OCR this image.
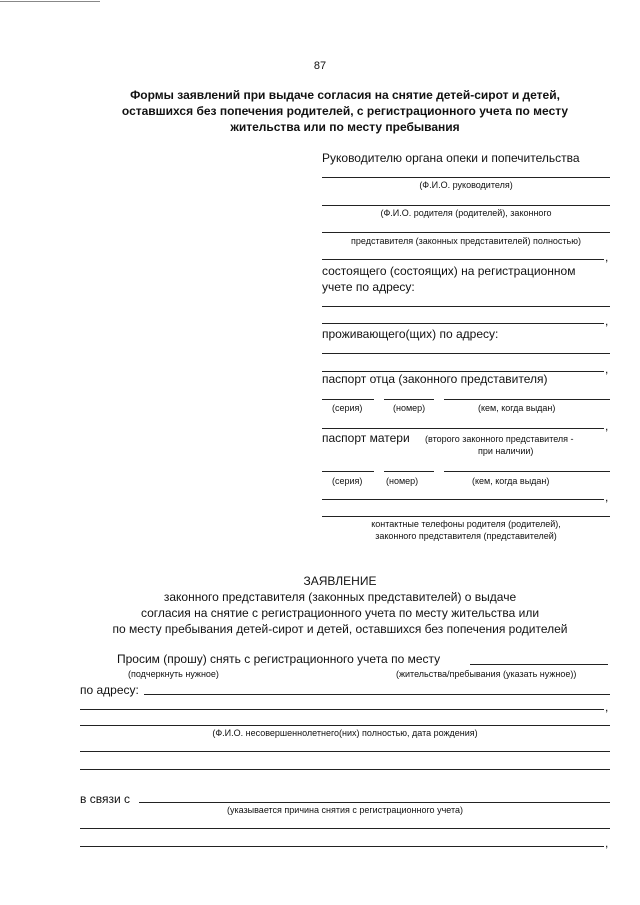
87
Формы заявлений при выдаче согласия на снятие детей-сирот и детей,
оставшихся без попечения родителей, с регистрационного учета по месту
жительства или по месту пребывания
Руководителю органа опеки и попечительства
(Ф.И.О. руководителя)
(Ф.И.О. родителя (родителей), законного
представителя (законных представителей) полностью)
,
состоящего (состоящих) на регистрационном
учете по адресу:
,
проживающего(щих) по адресу:
,
паспорт отца (законного представителя)
(серия)	(номер)	(кем, когда выдан)
,
паспорт матери (второго законного представителя -
при наличии)
(серия)	(номер)	(кем, когда выдан)
,
контактные телефоны родителя (родителей),
законного представителя (представителей)
ЗАЯВЛЕНИЕ
законного представителя (законных представителей) о выдаче
согласия на снятие с регистрационного учета по месту жительства или
по месту пребывания детей-сирот и детей, оставшихся без попечения родителей
Просим (прошу) снять с регистрационного учета по месту
(подчеркнуть нужное)	(жительства/пребывания (указать нужное))
по адресу:
,
(Ф.И.О. несовершеннолетнего(них) полностью, дата рождения)
в связи с
(указывается причина снятия с регистрационного учета)
,
